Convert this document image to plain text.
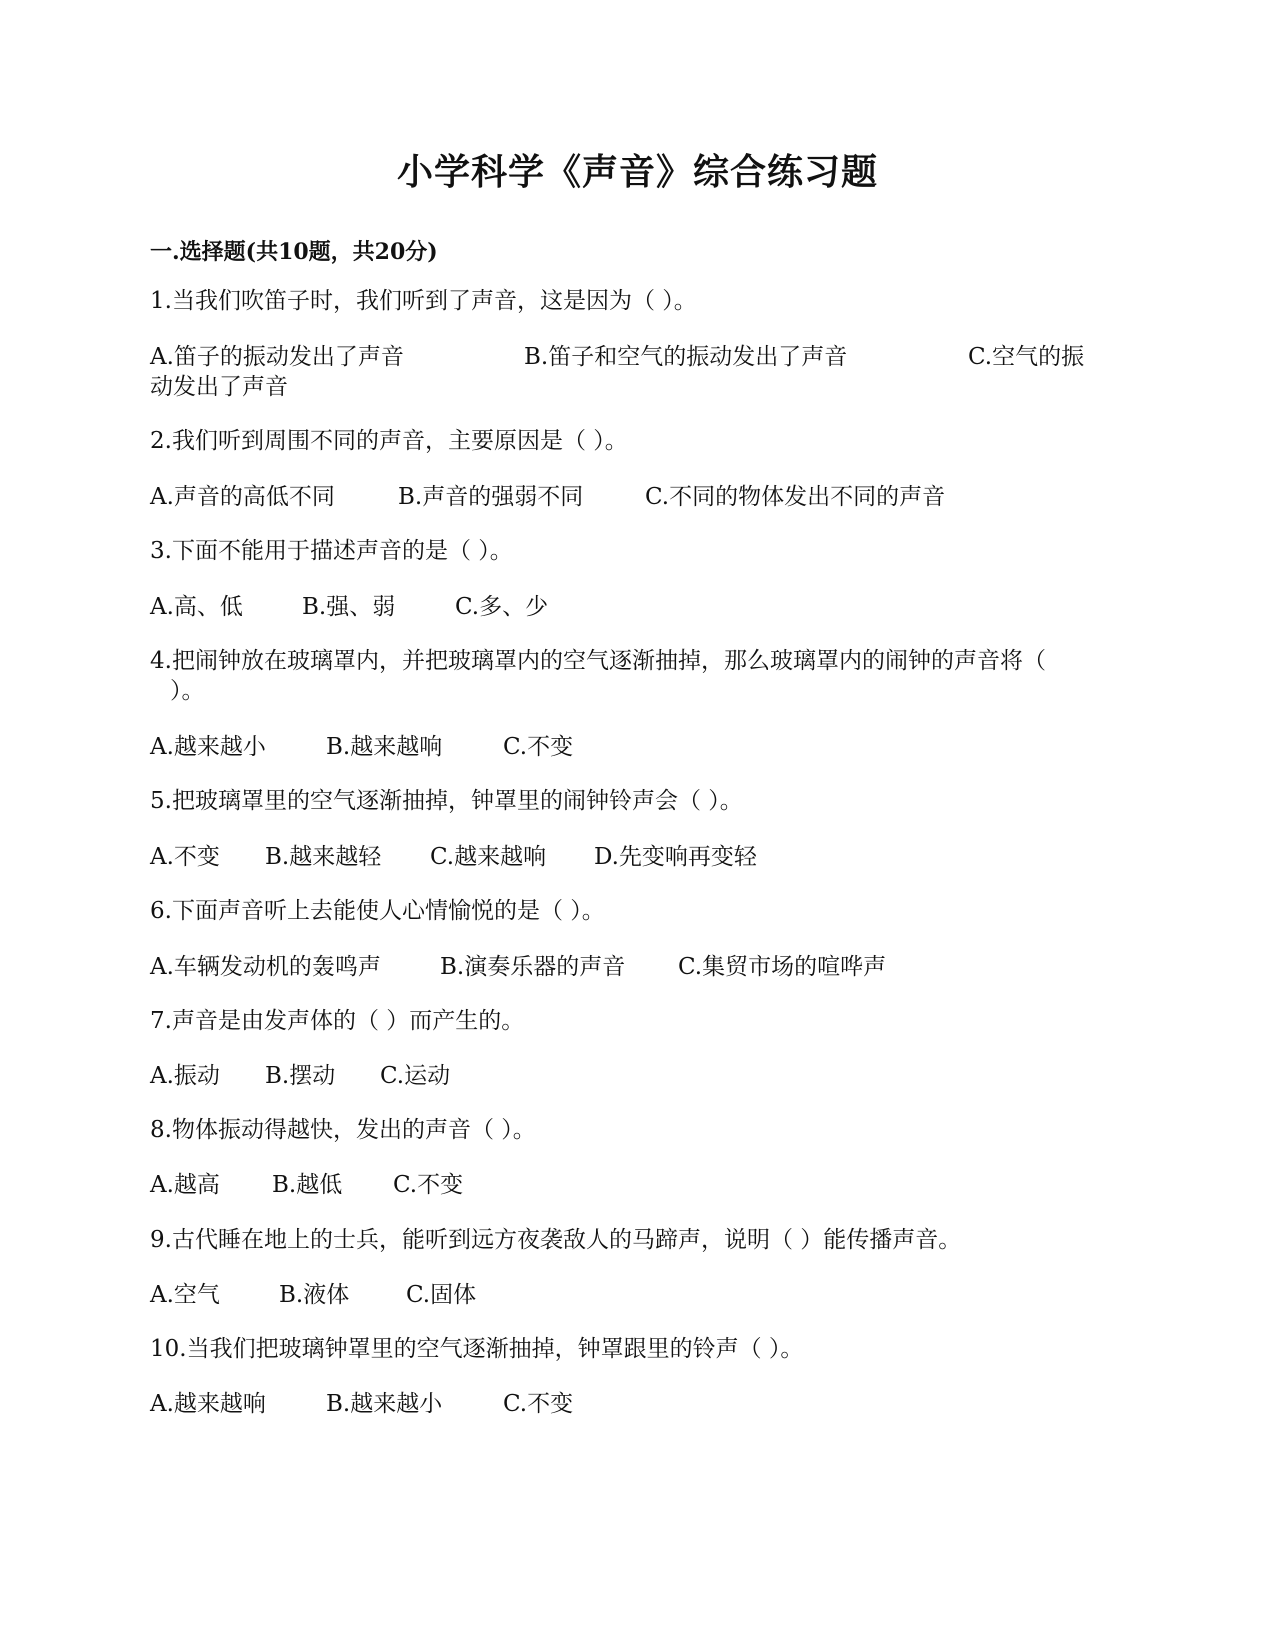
小学科学《声音》综合练习题
一.选择题(共10题，共20分)
1.当我们吹笛子时，我们听到了声音，这是因为（ ）。
A.笛子的振动发出了声音	B.笛子和空气的振动发出了声音	C.空气的振
动发出了声音
2.我们听到周围不同的声音，主要原因是（ ）。
A.声音的高低不同	B.声音的强弱不同	C.不同的物体发出不同的声音
3.下面不能用于描述声音的是（ ）。
A.高、低	B.强、弱	C.多、少
4.把闹钟放在玻璃罩内，并把玻璃罩内的空气逐渐抽掉，那么玻璃罩内的闹钟的声音将（
）。
A.越来越小	B.越来越响	C.不变
5.把玻璃罩里的空气逐渐抽掉，钟罩里的闹钟铃声会（ ）。
A.不变 B.越来越轻 C.越来越响 D.先变响再变轻
6.下面声音听上去能使人心情愉悦的是（ ）。
A.车辆发动机的轰鸣声	B.演奏乐器的声音 C.集贸市场的喧哗声
7.声音是由发声体的（ ）而产生的。
A.振动 B.摆动 C.运动
8.物体振动得越快，发出的声音（ ）。
A.越高 B.越低 C.不变
9.古代睡在地上的士兵，能听到远方夜袭敌人的马蹄声，说明（ ）能传播声音。
A.空气	B.液体 C.固体
10.当我们把玻璃钟罩里的空气逐渐抽掉，钟罩跟里的铃声（ ）。
A.越来越响	B.越来越小	C.不变
